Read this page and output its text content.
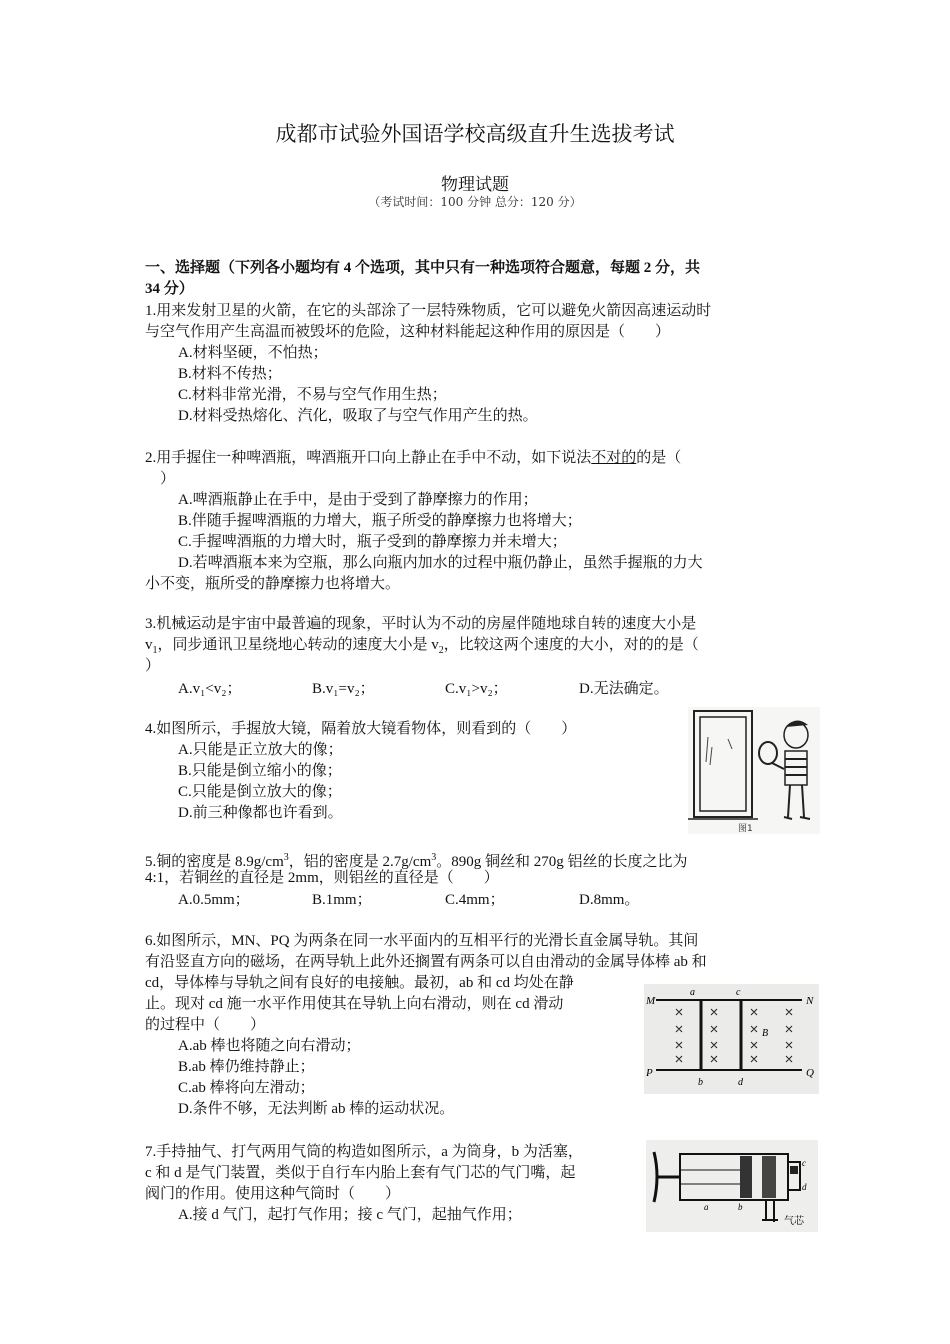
成都市试验外国语学校高级直升生选拔考试
物理试题
（考试时间：100 分钟 总分：120 分）
一、选择题（下列各小题均有 4 个选项，其中只有一种选项符合题意，每题 2 分，共
34 分）
1.用来发射卫星的火箭，在它的头部涂了一层特殊物质，它可以避免火箭因高速运动时
与空气作用产生高温而被毁坏的危险，这种材料能起这种作用的原因是（　　）
A.材料坚硬，不怕热；
B.材料不传热；
C.材料非常光滑，不易与空气作用生热；
D.材料受热熔化、汽化，吸取了与空气作用产生的热。
2.用手握住一种啤酒瓶，啤酒瓶开口向上静止在手中不动，如下说法不对的的是（
　）
A.啤酒瓶静止在手中，是由于受到了静摩擦力的作用；
B.伴随手握啤酒瓶的力增大，瓶子所受的静摩擦力也将增大；
C.手握啤酒瓶的力增大时，瓶子受到的静摩擦力并未增大；
D.若啤酒瓶本来为空瓶，那么向瓶内加水的过程中瓶仍静止，虽然手握瓶的力大
小不变，瓶所受的静摩擦力也将增大。
3.机械运动是宇宙中最普遍的现象，平时认为不动的房屋伴随地球自转的速度大小是
$v_1$，同步通讯卫星绕地心转动的速度大小是 $v_2$，比较这两个速度的大小，对的的是（
）
A.v₁<v₂；	B.v₁=v₂；	C.v₁>v₂；	D.无法确定。
4.如图所示，手握放大镜，隔着放大镜看物体，则看到的（　　）
A.只能是正立放大的像；
B.只能是倒立缩小的像；
C.只能是倒立放大的像；
D.前三种像都也许看到。
图1
5.铜的密度是 $8.9g/cm^3$，铝的密度是 $2.7g/cm^3$。890g 铜丝和 270g 铝丝的长度之比为
4:1，若铜丝的直径是 2mm，则铝丝的直径是（　　）
A.0.5mm；	B.1mm；	C.4mm；	D.8mm。
6.如图所示，MN、PQ 为两条在同一水平面内的互相平行的光滑长直金属导轨。其间
有沿竖直方向的磁场，在两导轨上此外还搁置有两条可以自由滑动的金属导体棒 ab 和
cd，导体棒与导轨之间有良好的电接触。最初，ab 和 cd 均处在静
止。现对 cd 施一水平作用使其在导轨上向右滑动，则在 cd 滑动
的过程中（　　）
A.ab 棒也将随之向右滑动；
B.ab 棒仍维持静止；
C.ab 棒将向左滑动；
D.条件不够，无法判断 ab 棒的运动状况。
M	N
P	Q
a	c
b	d
B
7.手持抽气、打气两用气筒的构造如图所示，a 为筒身，b 为活塞，
c 和 d 是气门装置，类似于自行车内胎上套有气门芯的气门嘴，起
阀门的作用。使用这种气筒时（　　）
A.接 d 气门，起打气作用；接 c 气门，起抽气作用；	a	b
c
d
气芯
